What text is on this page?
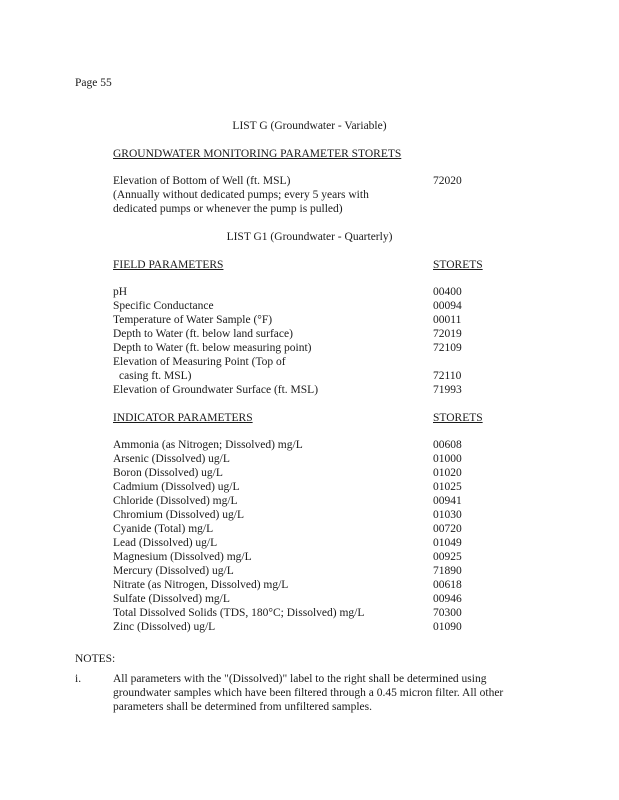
Page 55
LIST G (Groundwater - Variable)
GROUNDWATER MONITORING PARAMETER STORETS
Elevation of Bottom of Well (ft. MSL)	72020
(Annually without dedicated pumps; every 5 years with
dedicated pumps or whenever the pump is pulled)
LIST G1 (Groundwater - Quarterly)
FIELD PARAMETERS	STORETS
pH	00400
Specific Conductance	00094
Temperature of Water Sample (°F)	00011
Depth to Water (ft. below land surface)	72019
Depth to Water (ft. below measuring point)	72109
Elevation of Measuring Point (Top of
casing ft. MSL)	72110
Elevation of Groundwater Surface (ft. MSL)	71993
INDICATOR PARAMETERS	STORETS
Ammonia (as Nitrogen; Dissolved) mg/L	00608
Arsenic (Dissolved) ug/L	01000
Boron (Dissolved) ug/L	01020
Cadmium (Dissolved) ug/L	01025
Chloride (Dissolved) mg/L	00941
Chromium (Dissolved) ug/L	01030
Cyanide (Total) mg/L	00720
Lead (Dissolved) ug/L	01049
Magnesium (Dissolved) mg/L	00925
Mercury (Dissolved) ug/L	71890
Nitrate (as Nitrogen, Dissolved) mg/L	00618
Sulfate (Dissolved) mg/L	00946
Total Dissolved Solids (TDS, 180°C; Dissolved) mg/L	70300
Zinc (Dissolved) ug/L	01090
NOTES:
i.	All parameters with the "(Dissolved)" label to the right shall be determined using
groundwater samples which have been filtered through a 0.45 micron filter. All other
parameters shall be determined from unfiltered samples.
